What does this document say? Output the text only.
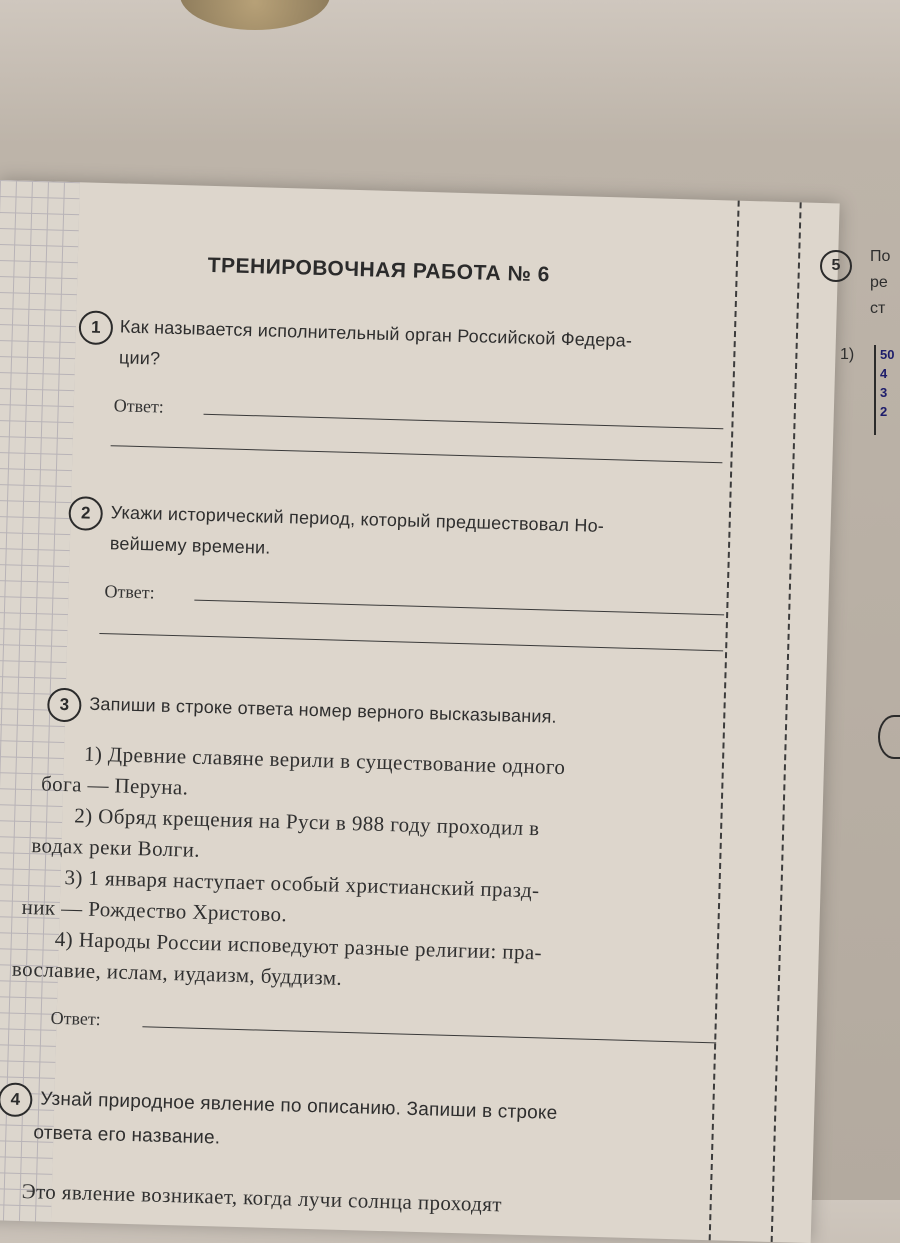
ТРЕНИРОВОЧНАЯ РАБОТА № 6
1	Как называется исполнительный орган Российской Федера-
ции?
Ответ:
2	Укажи исторический период, который предшествовал Но-
вейшему времени.
Ответ:
3	Запиши в строке ответа номер верного высказывания.
1) Древние славяне верили в существование одного
бога — Перуна.
2) Обряд крещения на Руси в 988 году проходил в
водах реки Волги.
3) 1 января наступает особый христианский празд-
ник — Рождество Христово.
4) Народы России исповедуют разные религии: пра-
вославие, ислам, иудаизм, буддизм.
Ответ:
4	Узнай природное явление по описанию. Запиши в строке
ответа его название.
Это явление возникает, когда лучи солнца проходят
5
По
ре
ст
1) 50
4
3
2
